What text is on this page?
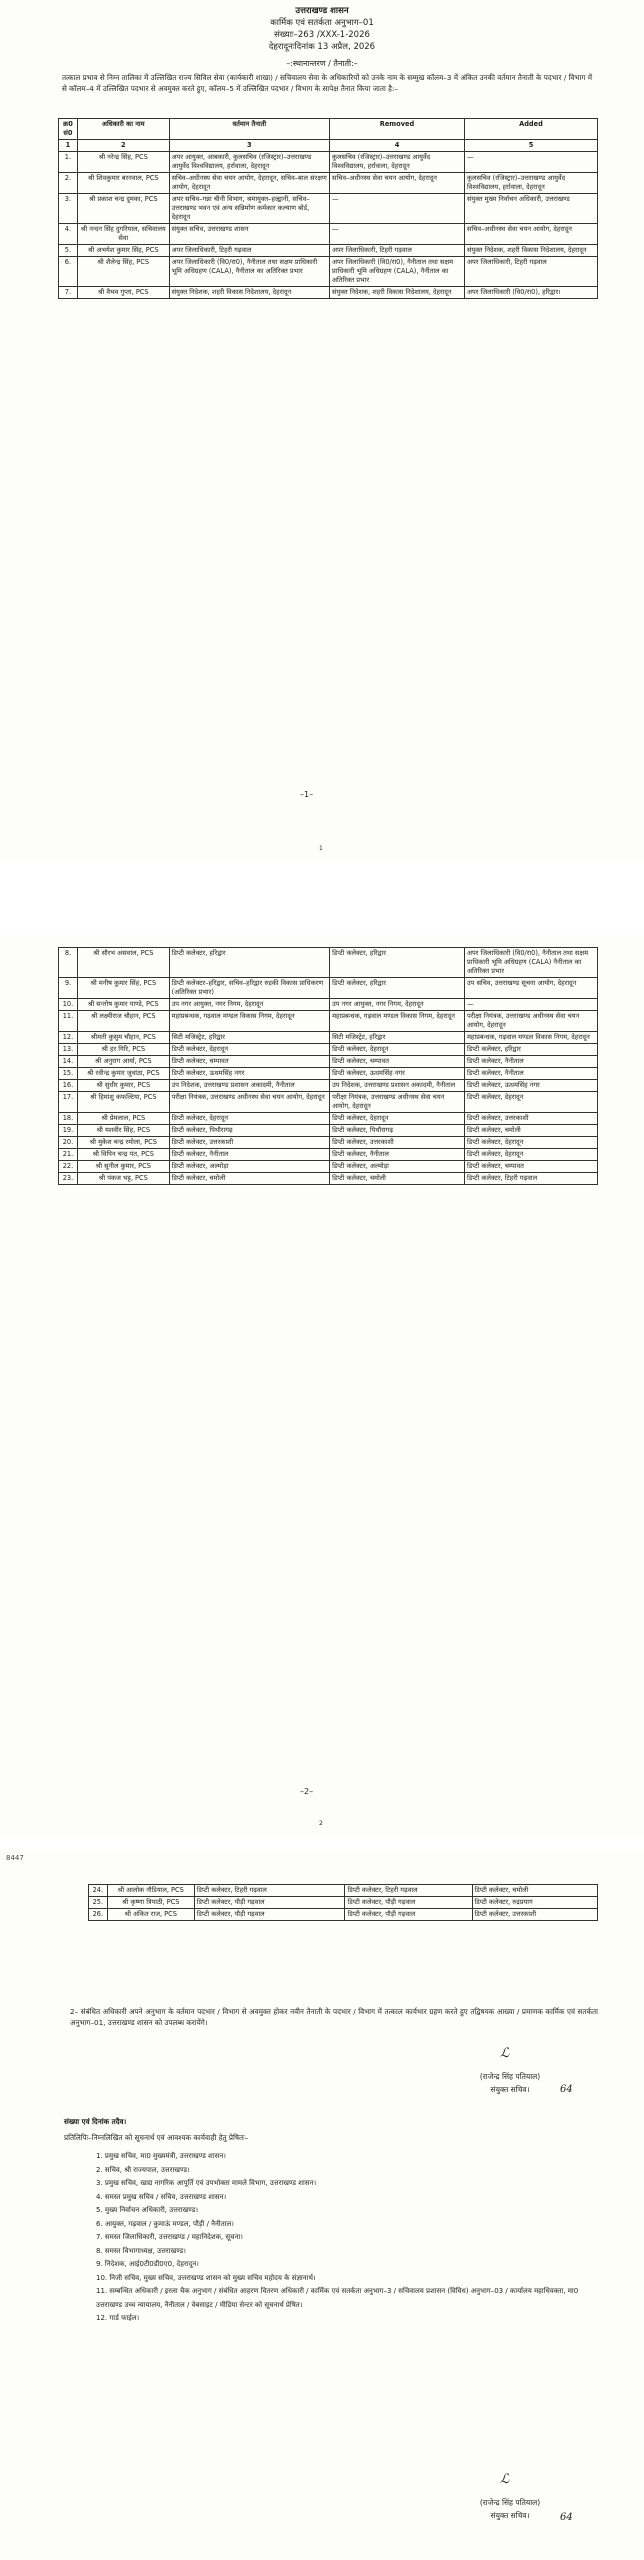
उत्तराखण्ड शासन
कार्मिक एवं सतर्कता अनुभाग–01
संख्याः–263 /XXX-1-2026
देहरादूनःदिनांक 13 अप्रैल, 2026
–:स्थानान्तरण / तैनाती:–
तत्काल प्रभाव से निम्न तालिका में उल्लिखित राज्य सिविल सेवा (कार्यकारी शाखा) / सचिवालय सेवा के अधिकारियों को उनके नाम के सम्मुख कॉलम–3 में अंकित उनकी वर्तमान तैनाती के पदभार / विभाग में से कॉलम–4 में उल्लिखित पदभार से अवमुक्त करते हुए, कॉलम–5 में उल्लिखित पदभार / विभाग के सापेक्ष तैनात किया जाता है:–
क्र0 सं0	अधिकारी का नाम	वर्तमान तैनाती	Removed	Added
1	2	3	4	5
1.	श्री नरेन्द्र सिंह, PCS	अपर आयुक्त, आबकारी, कुलसचिव (रजिस्ट्रार)–उत्तराखण्ड आयुर्वेद विश्वविद्यालय, हर्रावाला, देहरादून	कुलसचिव (रजिस्ट्रार)–उत्तराखण्ड आयुर्वेद विश्वविद्यालय, हर्रावाला, देहरादून	—
2.	श्री शिवकुमार बरनवाल, PCS	सचिव–अधीनस्थ सेवा चयन आयोग, देहरादून, सचिव–बाल संरक्षण आयोग, देहरादून	सचिव–अधीनस्थ सेवा चयन आयोग, देहरादून	कुलसचिव (रजिस्ट्रार)–उत्तराखण्ड आयुर्वेद विश्वविद्यालय, हर्रावाला, देहरादून
3.	श्री प्रकाश चन्द्र दुमका, PCS	अपर सचिव–गन्ना चीनी विभाग, श्रमायुक्त–हल्द्वानी, सचिव–उत्तराखण्ड भवन एवं अन्य सन्निर्माण कर्मकार कल्याण बोर्ड, देहरादून	—	संयुक्त मुख्य निर्वाचन अधिकारी, उत्तराखण्ड
4.	श्री नन्दन सिंह दुगरियाल, सचिवालय सेवा	संयुक्त सचिव, उत्तराखण्ड शासन	—	सचिव–अधीनस्थ सेवा चयन आयोग, देहरादून
5.	श्री अभयेश कुमार सिंह, PCS	अपर जिलाधिकारी, टिहरी गढ़वाल	अपर जिलाधिकारी, टिहरी गढ़वाल	संयुक्त निदेशक, शहरी विकास निदेशालय, देहरादून
6.	श्री शैलेन्द्र सिंह, PCS	अपर जिलाधिकारी (वि0/रा0), नैनीताल तथा सक्षम प्राधिकारी भूमि अधिग्रहण (CALA), नैनीताल का अतिरिक्त प्रभार	अपर जिलाधिकारी (वि0/रा0), नैनीताल तथा सक्षम प्राधिकारी भूमि अधिग्रहण (CALA), नैनीताल का अतिरिक्त प्रभार	अपर जिलाधिकारी, टिहरी गढ़वाल
7.	श्री वैभव गुप्ता, PCS	संयुक्त निदेशक, शहरी विकास निदेशालय, देहरादून	संयुक्त निदेशक, शहरी विकास निदेशालय, देहरादून	अपर जिलाधिकारी (वि0/रा0), हरिद्वार।
–1–
1
8.	श्री सौरभ असवाल, PCS	डिप्टी कलेक्टर, हरिद्वार	डिप्टी कलेक्टर, हरिद्वार	अपर जिलाधिकारी (वि0/रा0), नैनीताल तथा सक्षम प्राधिकारी भूमि अधिग्रहण (CALA) नैनीताल का अतिरिक्त प्रभार
9.	श्री मनीष कुमार सिंह, PCS	डिप्टी कलेक्टर–हरिद्वार, सचिव–हरिद्वार रुड़की विकास प्राधिकरण (अतिरिक्त प्रभार)	डिप्टी कलेक्टर, हरिद्वार	उप सचिव, उत्तराखण्ड सूचना आयोग, देहरादून
10.	श्री सन्तोष कुमार पाण्डे, PCS	उप नगर आयुक्त, नगर निगम, देहरादून	उप नगर आयुक्त, नगर निगम, देहरादून	—
11.	श्री लक्ष्मीराज चौहान, PCS	महाप्रबन्धक, गढ़वाल मण्डल विकास निगम, देहरादून	महाप्रबन्धक, गढ़वाल मण्डल विकास निगम, देहरादून	परीक्षा नियंत्रक, उत्तराखण्ड अधीनस्थ सेवा चयन आयोग, देहरादून
12.	श्रीमती कुसुम चौहान, PCS	सिटी मजिस्ट्रेट, हरिद्वार	सिटी मजिस्ट्रेट, हरिद्वार	महाप्रबन्धक, गढ़वाल मण्डल विकास निगम, देहरादून
13.	श्री हर गिरि, PCS	डिप्टी कलेक्टर, देहरादून	डिप्टी कलेक्टर, देहरादून	डिप्टी कलेक्टर, हरिद्वार
14.	श्री अनुराग आर्या, PCS	डिप्टी कलेक्टर, चम्पावत	डिप्टी कलेक्टर, चम्पावत	डिप्टी कलेक्टर, नैनीताल
15.	श्री रवीन्द्र कुमार जुवांठा, PCS	डिप्टी कलेक्टर, ऊधमसिंह नगर	डिप्टी कलेक्टर, ऊधमसिंह नगर	डिप्टी कलेक्टर, नैनीताल
16.	श्री सुधीर कुमार, PCS	उप निदेशक, उत्तराखण्ड प्रशासन अकादमी, नैनीताल	उप निदेशक, उत्तराखण्ड प्रशासन अकादमी, नैनीताल	डिप्टी कलेक्टर, ऊधमसिंह नगर
17.	श्री हिमांशु कफल्टिया, PCS	परीक्षा नियंत्रक, उत्तराखण्ड अधीनस्थ सेवा चयन आयोग, देहरादून	परीक्षा नियंत्रक, उत्तराखण्ड अधीनस्थ सेवा चयन आयोग, देहरादून	डिप्टी कलेक्टर, देहरादून
18.	श्री प्रेमलाल, PCS	डिप्टी कलेक्टर, देहरादून	डिप्टी कलेक्टर, देहरादून	डिप्टी कलेक्टर, उत्तरकाशी
19.	श्री यशवीर सिंह, PCS	डिप्टी कलेक्टर, पिथौरागढ़	डिप्टी कलेक्टर, पिथौरागढ़	डिप्टी कलेक्टर, चमोली
20.	श्री मुकेश चन्द्र रमोला, PCS	डिप्टी कलेक्टर, उत्तरकाशी	डिप्टी कलेक्टर, उत्तरकाशी	डिप्टी कलेक्टर, देहरादून
21.	श्री विपिन चन्द्र पंत, PCS	डिप्टी कलेक्टर, नैनीताल	डिप्टी कलेक्टर, नैनीताल	डिप्टी कलेक्टर, देहरादून
22.	श्री सुनील कुमार, PCS	डिप्टी कलेक्टर, अल्मोड़ा	डिप्टी कलेक्टर, अल्मोड़ा	डिप्टी कलेक्टर, चम्पावत
23.	श्री पंकज भट्ट, PCS	डिप्टी कलेक्टर, चमोली	डिप्टी कलेक्टर, चमोली	डिप्टी कलेक्टर, टिहरी गढ़वाल
–2–
2
8447
24.	श्री आलोक नौडियाल, PCS	डिप्टी कलेक्टर, टिहरी गढ़वाल	डिप्टी कलेक्टर, टिहरी गढ़वाल	डिप्टी कलेक्टर, चमोली
25.	श्री कृष्णा त्रिपाठी, PCS	डिप्टी कलेक्टर, पौड़ी गढ़वाल	डिप्टी कलेक्टर, पौड़ी गढ़वाल	डिप्टी कलेक्टर, रुद्रप्रयाग
26.	श्री अंकित राज, PCS	डिप्टी कलेक्टर, पौड़ी गढ़वाल	डिप्टी कलेक्टर, पौड़ी गढ़वाल	डिप्टी कलेक्टर, उत्तरकाशी
2– संबंधित अधिकारी अपने अनुभाग के वर्तमान पदभार / विभाग से अवमुक्त होकर नवीन तैनाती के पदभार / विभाग में तत्काल कार्यभार ग्रहण करते हुए तद्विषयक आख्या / प्रमाणक कार्मिक एवं सतर्कता अनुभाग–01, उत्तराखण्ड शासन को उपलब्ध करायेंगे।
ℒ
(राजेन्द्र सिंह पतियाल)
संयुक्त सचिव।	64
संख्या एवं दिनांक तदैव।
प्रतिलिपिः–निम्नलिखित को सूचनार्थ एवं आवश्यक कार्यवाही हेतु प्रेषितः–
1. प्रमुख सचिव, मा0 मुख्यमंत्री, उत्तराखण्ड शासन।
2. सचिव, श्री राज्यपाल, उत्तराखण्ड।
3. प्रमुख सचिव, खाद्य नागरिक आपूर्ति एवं उपभोक्ता मामले विभाग, उत्तराखण्ड शासन।
4. समस्त प्रमुख सचिव / सचिव, उत्तराखण्ड शासन।
5. मुख्य निर्वाचन अधिकारी, उत्तराखण्ड।
6. आयुक्त, गढ़वाल / कुमाऊं मण्डल, पौड़ी / नैनीताल।
7. समस्त जिलाधिकारी, उत्तराखण्ड / महानिदेशक, सूचना।
8. समस्त विभागाध्यक्ष, उत्तराखण्ड।
9. निदेशक, आई0टी0डी0ए0, देहरादून।
10. निजी सचिव, मुख्य सचिव, उत्तराखण्ड शासन को मुख्य सचिव महोदय के संज्ञानार्थ।
11. सम्बन्धित अधिकारी / इरला चैक अनुभाग / संबंधित आहरण वितरण अधिकारी / कार्मिक एवं सतर्कता अनुभाग–3 / सचिवालय प्रशासन (विविध) अनुभाग–03 / कार्यालय महाधिवक्ता, मा0 उत्तराखण्ड उच्च न्यायालय, नैनीताल / वेबसाइट / मीडिया सेन्टर को सूचनार्थ प्रेषित।
12. गार्ड फाईल।
ℒ
(राजेन्द्र सिंह पतियाल)
संयुक्त सचिव।	64
